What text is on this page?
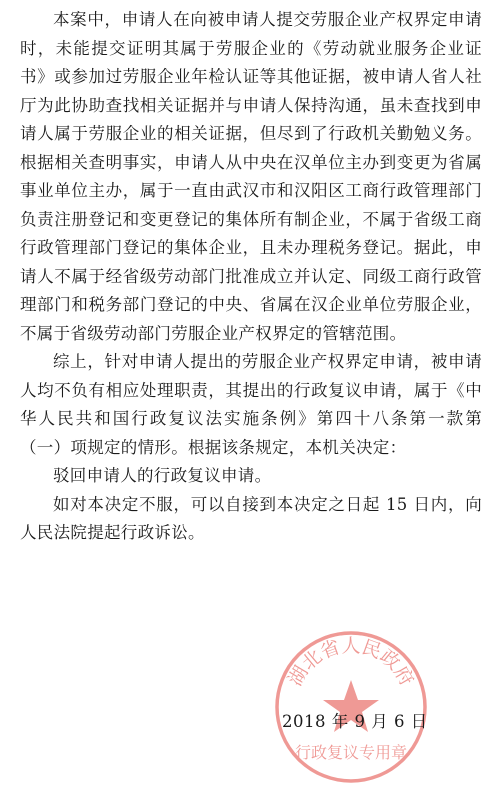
本案中，申请人在向被申请人提交劳服企业产权界定申请时，未能提交证明其属于劳服企业的《劳动就业服务企业证书》或参加过劳服企业年检认证等其他证据，被申请人省人社厅为此协助查找相关证据并与申请人保持沟通，虽未查找到申请人属于劳服企业的相关证据，但尽到了行政机关勤勉义务。根据相关查明事实，申请人从中央在汉单位主办到变更为省属事业单位主办，属于一直由武汉市和汉阳区工商行政管理部门负责注册登记和变更登记的集体所有制企业，不属于省级工商行政管理部门登记的集体企业，且未办理税务登记。据此，申请人不属于经省级劳动部门批准成立并认定、同级工商行政管理部门和税务部门登记的中央、省属在汉企业单位劳服企业，不属于省级劳动部门劳服企业产权界定的管辖范围。

综上，针对申请人提出的劳服企业产权界定申请，被申请人均不负有相应处理职责，其提出的行政复议申请，属于《中华人民共和国行政复议法实施条例》第四十八条第一款第（一）项规定的情形。根据该条规定，本机关决定：

驳回申请人的行政复议申请。

如对本决定不服，可以自接到本决定之日起 15 日内，向人民法院提起行政诉讼。

湖北省人民政府
行政复议专用章
2018 年 9 月 6 日
